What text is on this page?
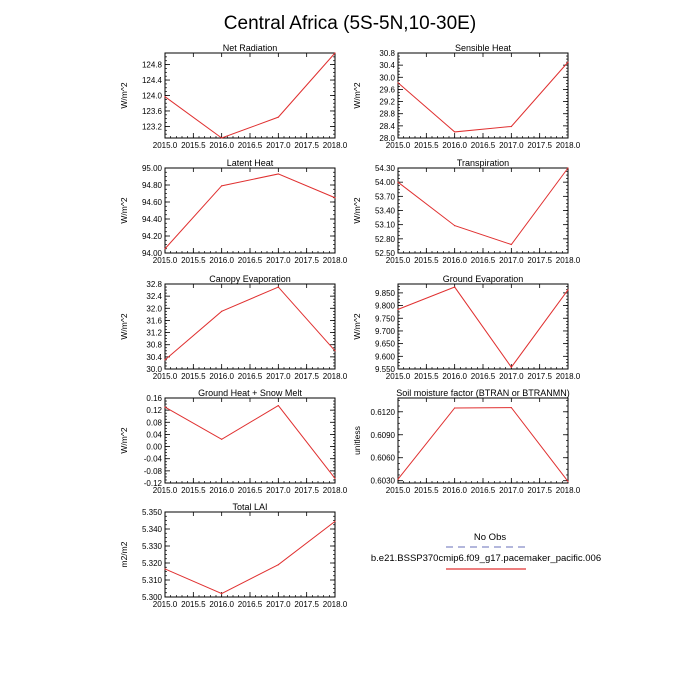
Central Africa (5S-5N,10-30E)
Net Radiation
W/m^2
2015.0 2015.5 2016.0 2016.5 2017.0 2017.5 2018.0
123.2
123.6
124.0
124.4
124.8
Sensible Heat
W/m^2
2015.0 2015.5 2016.0 2016.5 2017.0 2017.5 2018.0
28.0
28.4
28.8
29.2
29.6
30.0
30.4
30.8
Latent Heat
W/m^2
2015.0 2015.5 2016.0 2016.5 2017.0 2017.5 2018.0
94.00
94.20
94.40
94.60
94.80
95.00
Transpiration
W/m^2
2015.0 2015.5 2016.0 2016.5 2017.0 2017.5 2018.0
52.50
52.80
53.10
53.40
53.70
54.00
54.30
Canopy Evaporation
W/m^2
2015.0 2015.5 2016.0 2016.5 2017.0 2017.5 2018.0
30.0
30.4
30.8
31.2
31.6
32.0
32.4
32.8
Ground Evaporation
W/m^2
2015.0 2015.5 2016.0 2016.5 2017.0 2017.5 2018.0
9.550
9.600
9.650
9.700
9.750
9.800
9.850
Ground Heat + Snow Melt
W/m^2
2015.0 2015.5 2016.0 2016.5 2017.0 2017.5 2018.0
-0.12
-0.08
-0.04
0.00
0.04
0.08
0.12
0.16
Soil moisture factor (BTRAN or BTRANMN)
unitless
2015.0 2015.5 2016.0 2016.5 2017.0 2017.5 2018.0
0.6030
0.6060
0.6090
0.6120
Total LAI
m2/m2
2015.0 2015.5 2016.0 2016.5 2017.0 2017.5 2018.0
5.300
5.310
5.320
5.330
5.340
5.350
No Obs
b.e21.BSSP370cmip6.f09_g17.pacemaker_pacific.006
